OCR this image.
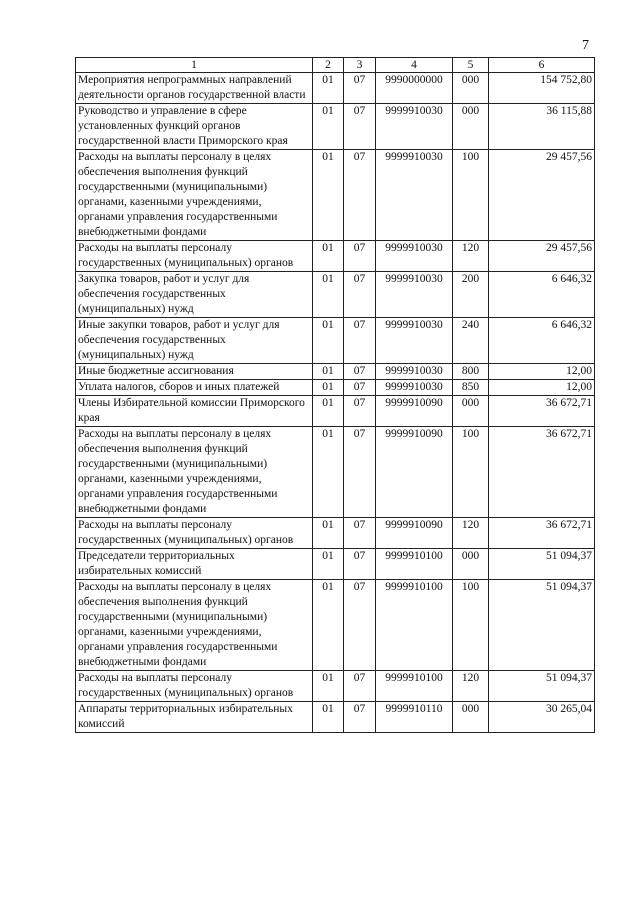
7
1	2	3	4	5	6
Мероприятия непрограммных направлений деятельности органов государственной власти	01	07	9990000000	000	154 752,80
Руководство и управление в сфере установленных функций органов государственной власти Приморского края	01	07	9999910030	000	36 115,88
Расходы на выплаты персоналу в целях обеспечения выполнения функций государственными (муниципальными) органами, казенными учреждениями, органами управления государственными внебюджетными фондами	01	07	9999910030	100	29 457,56
Расходы на выплаты персоналу государственных (муниципальных) органов	01	07	9999910030	120	29 457,56
Закупка товаров, работ и услуг для обеспечения государственных (муниципальных) нужд	01	07	9999910030	200	6 646,32
Иные закупки товаров, работ и услуг для обеспечения государственных (муниципальных) нужд	01	07	9999910030	240	6 646,32
Иные бюджетные ассигнования	01	07	9999910030	800	12,00
Уплата налогов, сборов и иных платежей	01	07	9999910030	850	12,00
Члены Избирательной комиссии Приморского края	01	07	9999910090	000	36 672,71
Расходы на выплаты персоналу в целях обеспечения выполнения функций государственными (муниципальными) органами, казенными учреждениями, органами управления государственными внебюджетными фондами	01	07	9999910090	100	36 672,71
Расходы на выплаты персоналу государственных (муниципальных) органов	01	07	9999910090	120	36 672,71
Председатели территориальных избирательных комиссий	01	07	9999910100	000	51 094,37
Расходы на выплаты персоналу в целях обеспечения выполнения функций государственными (муниципальными) органами, казенными учреждениями, органами управления государственными внебюджетными фондами	01	07	9999910100	100	51 094,37
Расходы на выплаты персоналу государственных (муниципальных) органов	01	07	9999910100	120	51 094,37
Аппараты территориальных избирательных комиссий	01	07	9999910110	000	30 265,04
